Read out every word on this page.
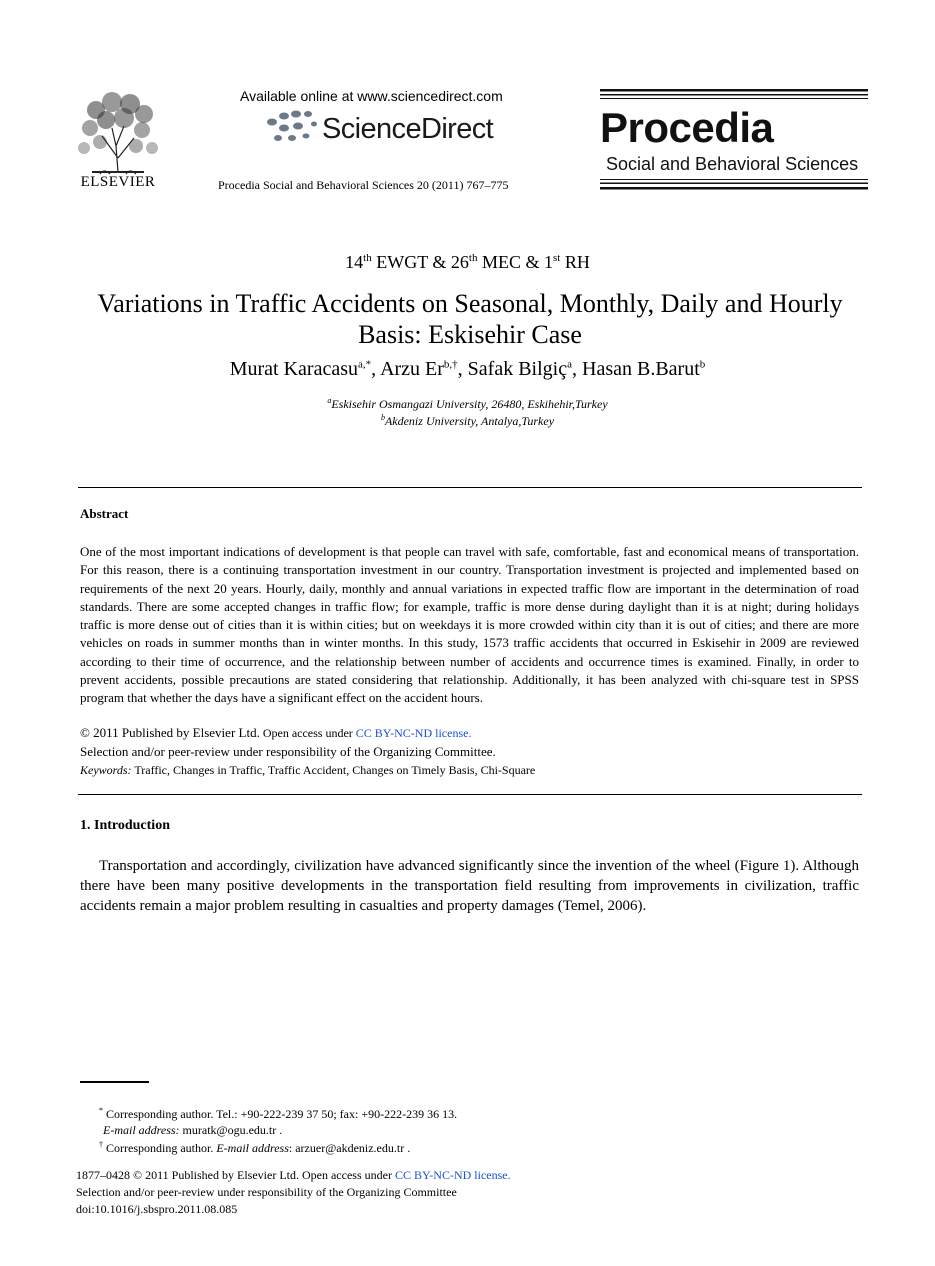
ELSEVIER
Available online at www.sciencedirect.com
ScienceDirect
Procedia Social and Behavioral Sciences 20 (2011) 767–775
Procedia
Social and Behavioral Sciences
14th EWGT & 26th MEC & 1st RH
Variations in Traffic Accidents on Seasonal, Monthly, Daily and Hourly
Basis: Eskisehir Case
Murat Karacasu$^{a,*}$, Arzu $Er^{b,\dagger}$, Safak Bilgiç$^a$, Hasan B.Barut$^b$
$^a$Eskisehir Osmangazi University, 26480, Eskihehir,Turkey
$^b$Akdeniz University, Antalya,Turkey
Abstract
One of the most important indications of development is that people can travel with safe, comfortable, fast and economical means of transportation. For this reason, there is a continuing transportation investment in our country. Transportation investment is projected and implemented based on requirements of the next 20 years. Hourly, daily, monthly and annual variations in expected traffic flow are important in the determination of road standards. There are some accepted changes in traffic flow; for example, traffic is more dense during daylight than it is at night; during holidays traffic is more dense out of cities than it is within cities; but on weekdays it is more crowded within city than it is out of cities; and there are more vehicles on roads in summer months than in winter months. In this study, 1573 traffic accidents that occurred in Eskisehir in 2009 are reviewed according to their time of occurrence, and the relationship between number of accidents and occurrence times is examined. Finally, in order to prevent accidents, possible precautions are stated considering that relationship. Additionally, it has been analyzed with chi-square test in SPSS program that whether the days have a significant effect on the accident hours.
© 2011 Published by Elsevier Ltd. Open access under CC BY-NC-ND license.
Selection and/or peer-review under responsibility of the Organizing Committee.
Keywords: Traffic, Changes in Traffic, Traffic Accident, Changes on Timely Basis, Chi-Square
1. Introduction
Transportation and accordingly, civilization have advanced significantly since the invention of the wheel (Figure 1). Although there have been many positive developments in the transportation field resulting from improvements in civilization, traffic accidents remain a major problem resulting in casualties and property damages (Temel, 2006).
* Corresponding author. Tel.: +90-222-239 37 50; fax: +90-222-239 36 13.
E-mail address: muratk@ogu.edu.tr .
† Corresponding author. E-mail address: arzuer@akdeniz.edu.tr .
1877–0428 © 2011 Published by Elsevier Ltd. Open access under CC BY-NC-ND license.
Selection and/or peer-review under responsibility of the Organizing Committee
doi:10.1016/j.sbspro.2011.08.085
